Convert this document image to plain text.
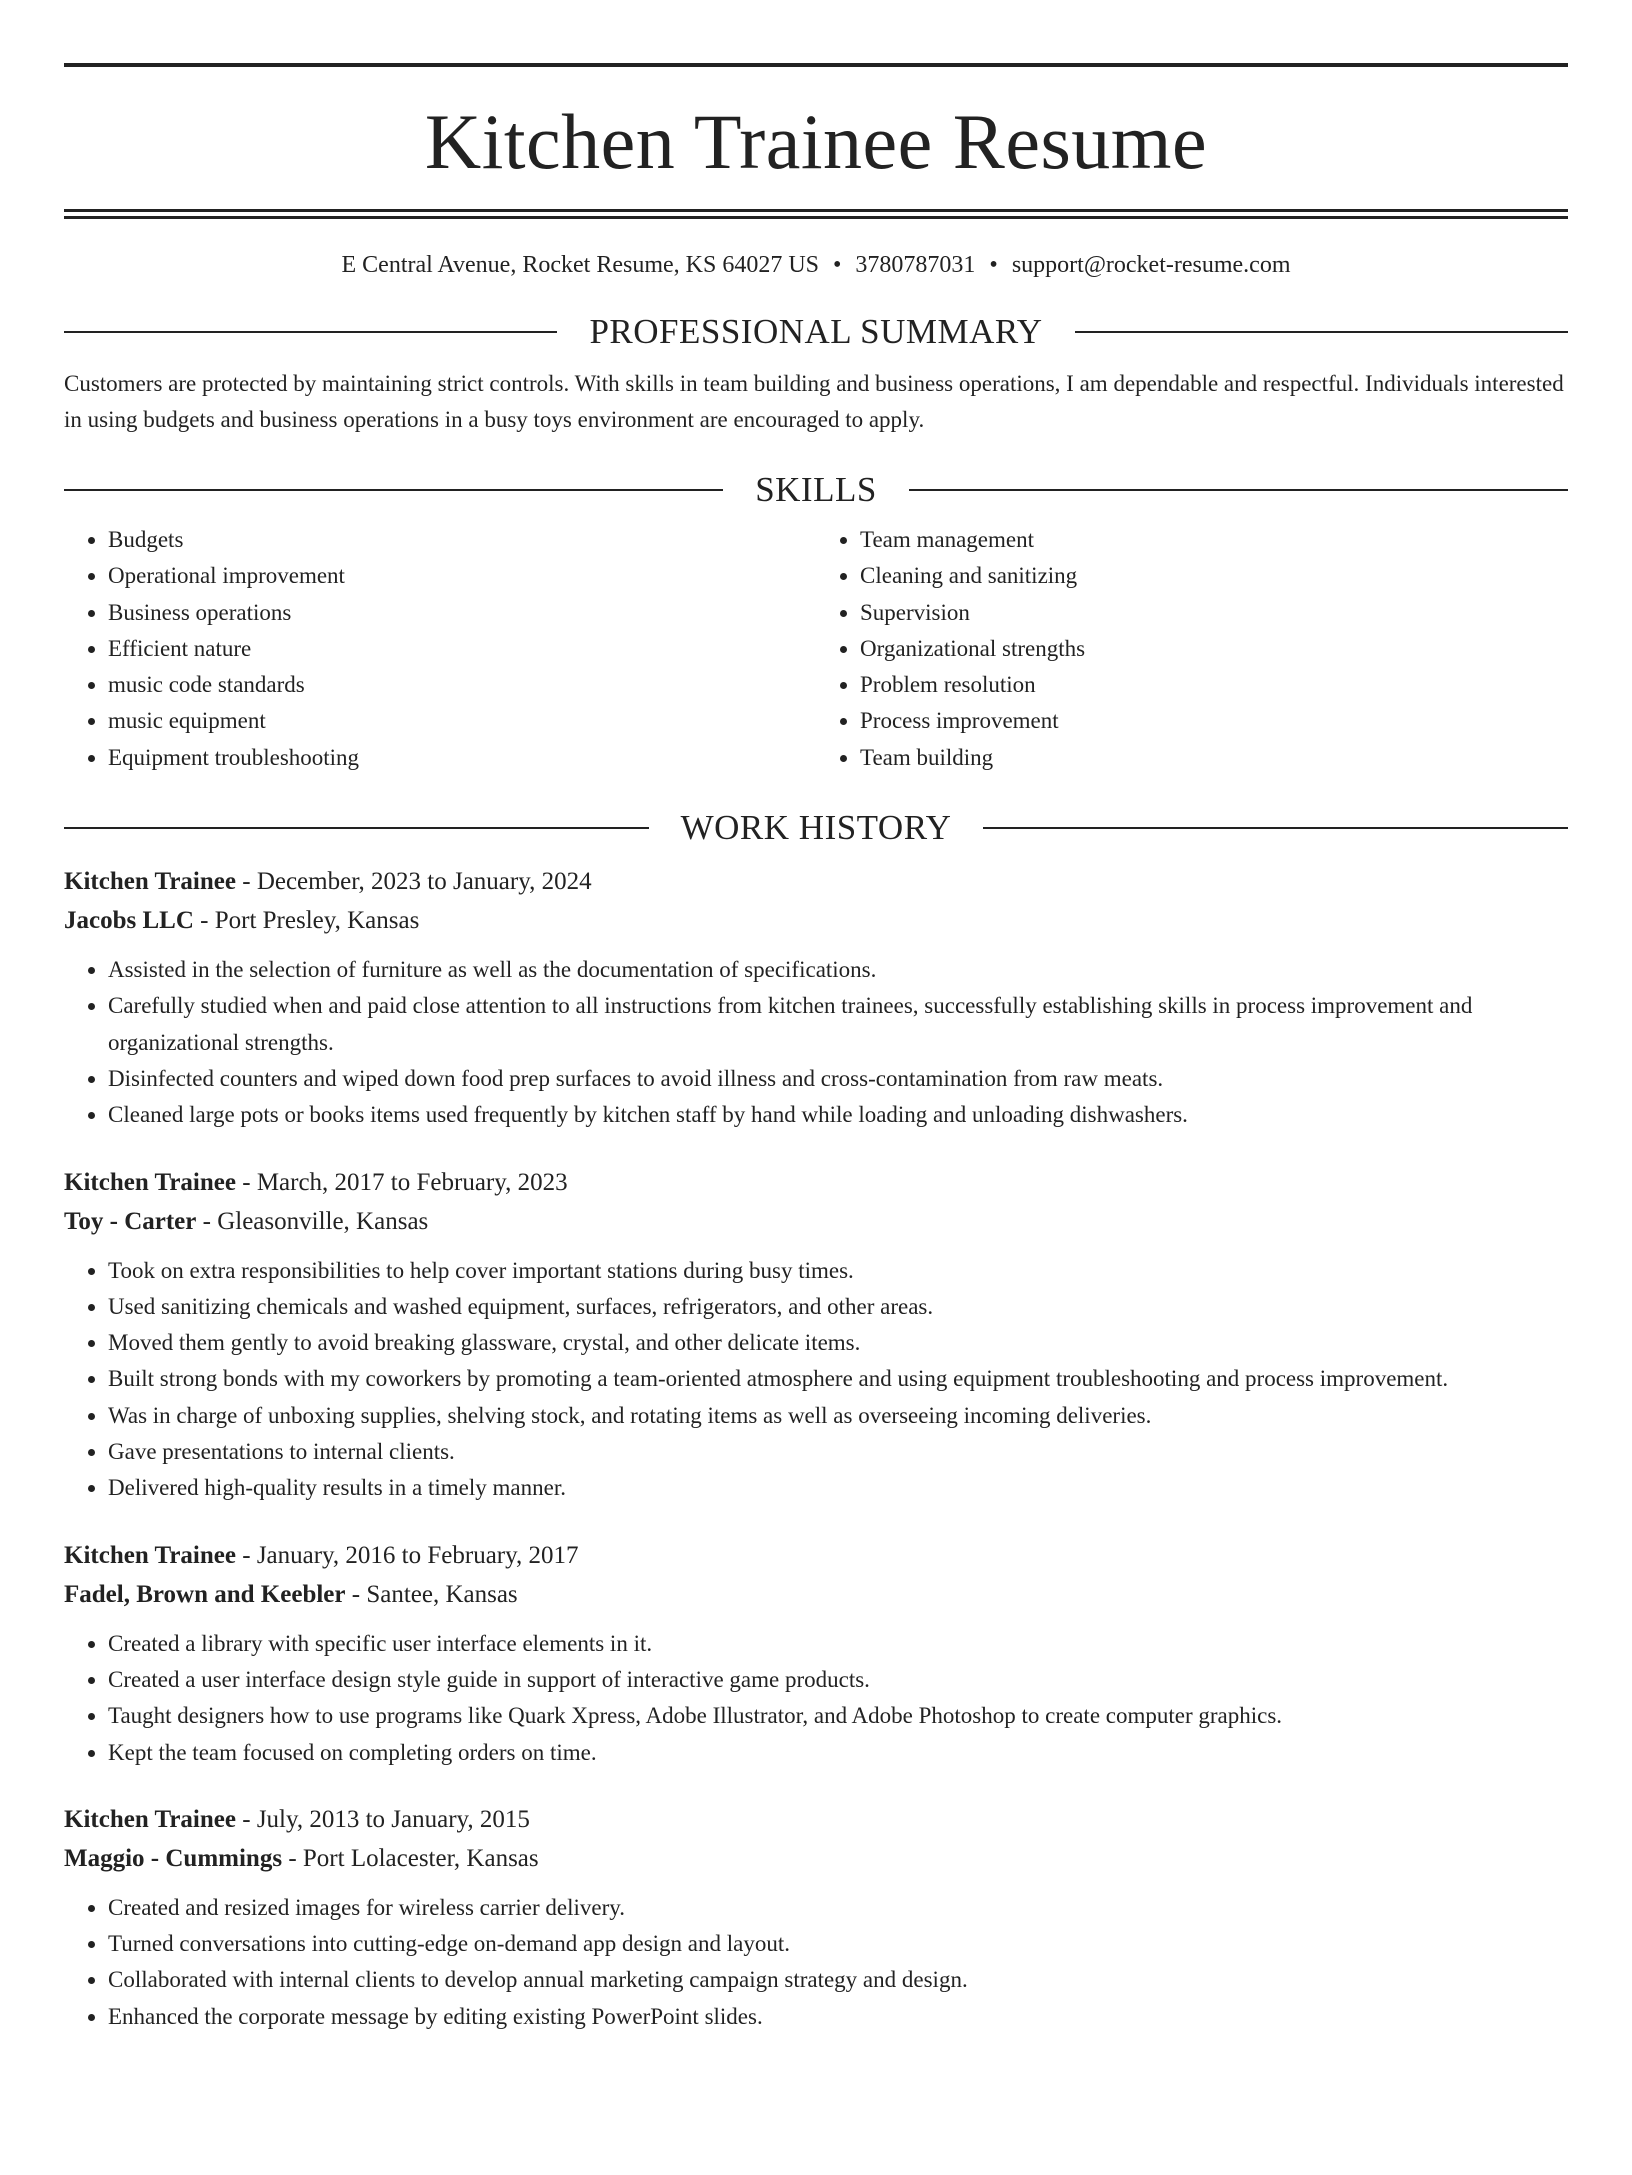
Kitchen Trainee Resume
E Central Avenue, Rocket Resume, KS 64027 US • 3780787031 • support@rocket-resume.com
PROFESSIONAL SUMMARY
Customers are protected by maintaining strict controls. With skills in team building and business operations, I am dependable and respectful. Individuals interested in using budgets and business operations in a busy toys environment are encouraged to apply.
SKILLS
• Budgets
• Operational improvement
• Business operations
• Efficient nature
• music code standards
• music equipment
• Equipment troubleshooting
• Team management
• Cleaning and sanitizing
• Supervision
• Organizational strengths
• Problem resolution
• Process improvement
• Team building
WORK HISTORY
Kitchen Trainee - December, 2023 to January, 2024
Jacobs LLC - Port Presley, Kansas
• Assisted in the selection of furniture as well as the documentation of specifications.
• Carefully studied when and paid close attention to all instructions from kitchen trainees, successfully establishing skills in process improvement and organizational strengths.
• Disinfected counters and wiped down food prep surfaces to avoid illness and cross-contamination from raw meats.
• Cleaned large pots or books items used frequently by kitchen staff by hand while loading and unloading dishwashers.
Kitchen Trainee - March, 2017 to February, 2023
Toy - Carter - Gleasonville, Kansas
• Took on extra responsibilities to help cover important stations during busy times.
• Used sanitizing chemicals and washed equipment, surfaces, refrigerators, and other areas.
• Moved them gently to avoid breaking glassware, crystal, and other delicate items.
• Built strong bonds with my coworkers by promoting a team-oriented atmosphere and using equipment troubleshooting and process improvement.
• Was in charge of unboxing supplies, shelving stock, and rotating items as well as overseeing incoming deliveries.
• Gave presentations to internal clients.
• Delivered high-quality results in a timely manner.
Kitchen Trainee - January, 2016 to February, 2017
Fadel, Brown and Keebler - Santee, Kansas
• Created a library with specific user interface elements in it.
• Created a user interface design style guide in support of interactive game products.
• Taught designers how to use programs like Quark Xpress, Adobe Illustrator, and Adobe Photoshop to create computer graphics.
• Kept the team focused on completing orders on time.
Kitchen Trainee - July, 2013 to January, 2015
Maggio - Cummings - Port Lolacester, Kansas
• Created and resized images for wireless carrier delivery.
• Turned conversations into cutting-edge on-demand app design and layout.
• Collaborated with internal clients to develop annual marketing campaign strategy and design.
• Enhanced the corporate message by editing existing PowerPoint slides.
